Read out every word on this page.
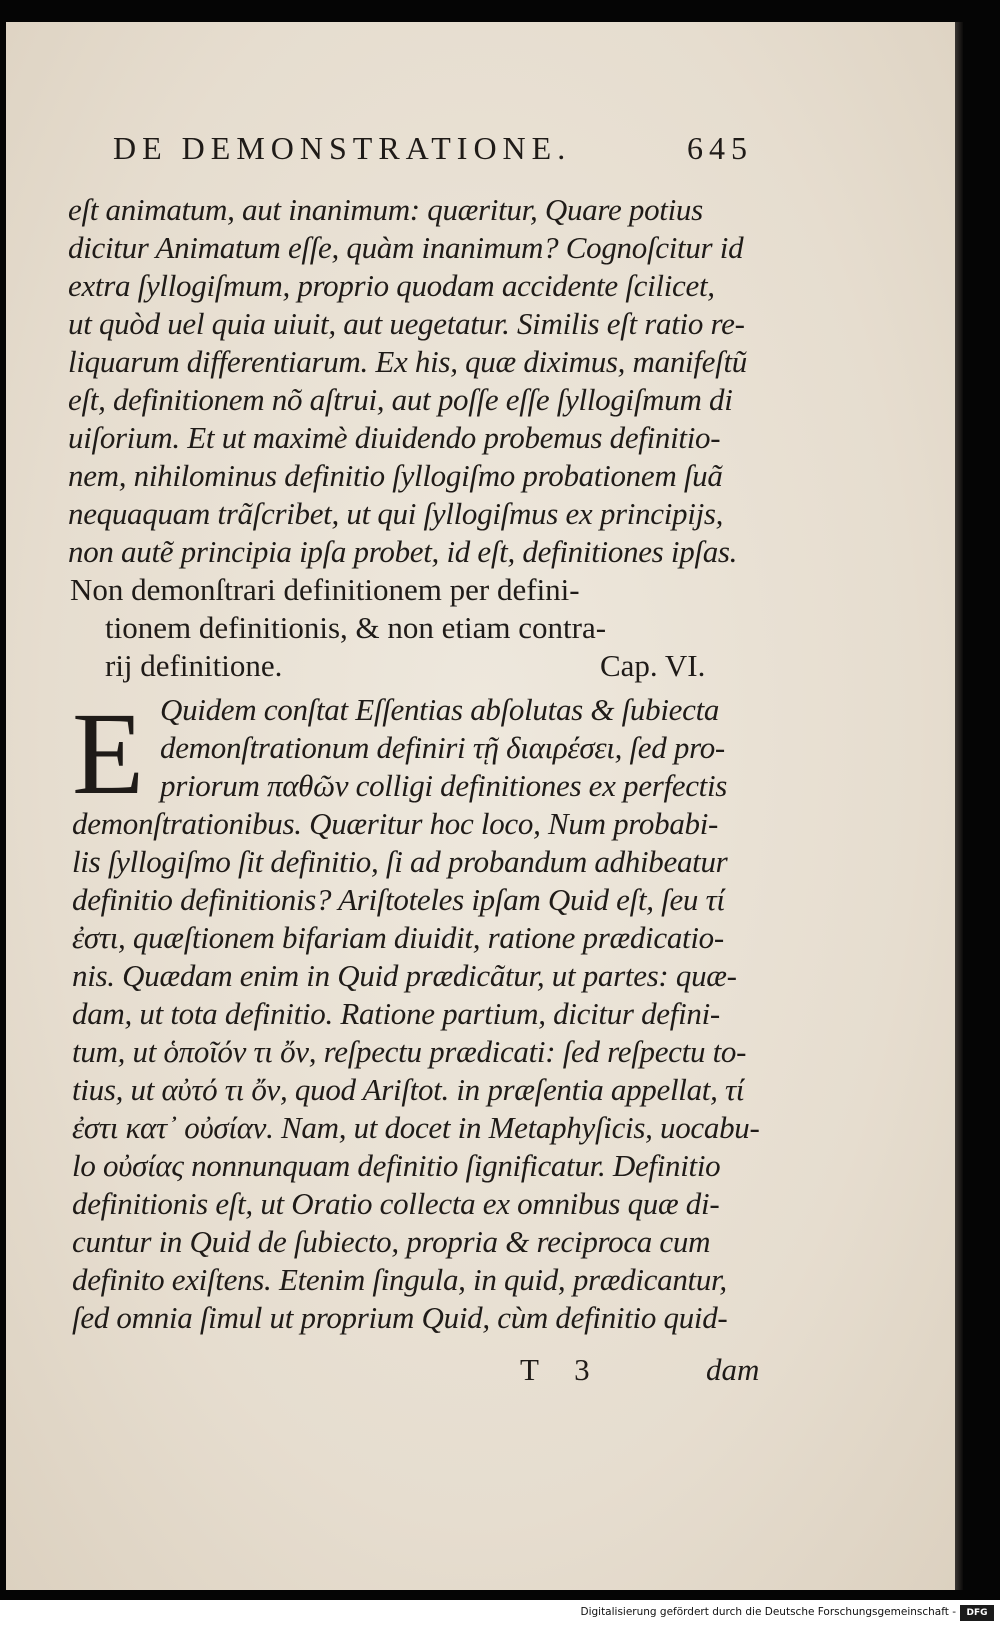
DE DEMONSTRATIONE.	645

eſt animatum, aut inanimum: quæritur, Quare potius

dicitur Animatum eſſe, quàm inanimum? Cognoſcitur id

extra ſyllogiſmum, proprio quodam accidente ſcilicet,

ut quòd uel quia uiuit, aut uegetatur. Similis eſt ratio re-

liquarum differentiarum. Ex his, quæ diximus, manifeſtũ

eſt, definitionem nõ aſtrui, aut poſſe eſſe ſyllogiſmum di

uiſorium. Et ut maximè diuidendo probemus definitio-

nem, nihilominus definitio ſyllogiſmo probationem ſuã

nequaquam trãſcribet, ut qui ſyllogiſmus ex principijs,

non autẽ principia ipſa probet, id eſt, definitiones ipſas.

Non demonſtrari definitionem per defini-
tionem definitionis, & non etiam contra-
rij definitione.	Cap. VI.
E Quidem conſtat Eſſentias abſolutas & ſubiecta

demonſtrationum definiri τῇ διαιρέσει, ſed pro-

priorum παθῶν colligi definitiones ex perfectis

demonſtrationibus. Quæritur hoc loco, Num probabi-

lis ſyllogiſmo ſit definitio, ſi ad probandum adhibeatur

definitio definitionis? Ariſtoteles ipſam Quid eſt, ſeu τί

ἐστι, quæſtionem bifariam diuidit, ratione prædicatio-

nis. Quædam enim in Quid prædicãtur, ut partes: quæ-

dam, ut tota definitio. Ratione partium, dicitur defini-

tum, ut ὁποῖόν τι ὄν, reſpectu prædicati: ſed reſpectu to-

tius, ut αὐτό τι ὄν, quod Ariſtot. in præſentia appellat, τί

ἐστι κατ᾽ οὐσίαν. Nam, ut docet in Metaphyſicis, uocabu-

lo οὐσίας nonnunquam definitio ſignificatur. Definitio

definitionis eſt, ut Oratio collecta ex omnibus quæ di-

cuntur in Quid de ſubiecto, propria & reciproca cum

definito exiſtens. Etenim ſingula, in quid, prædicantur,

ſed omnia ſimul ut proprium Quid, cùm definitio quid-

T 3	dam
Digitalisierung gefördert durch die Deutsche Forschungsgemeinschaft -	DFG
